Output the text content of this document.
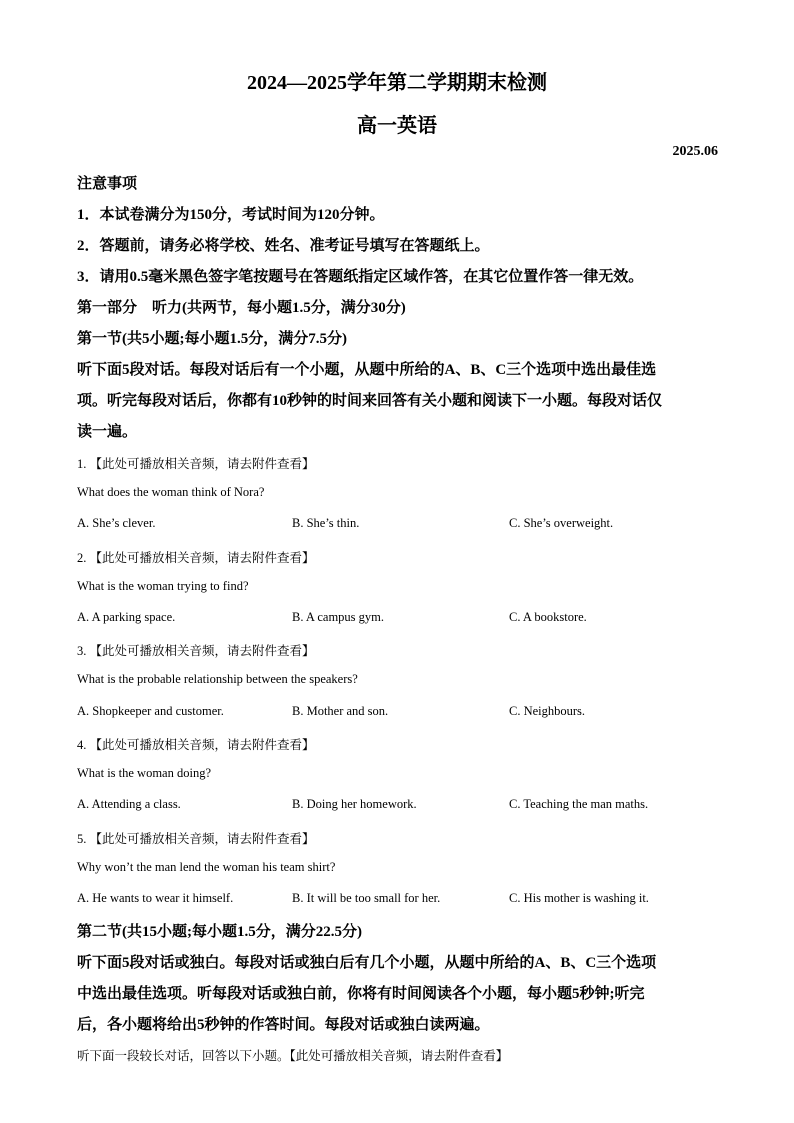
2024—2025学年第二学期期末检测
高一英语
2025.06
注意事项
1．本试卷满分为150分，考试时间为120分钟。
2．答题前，请务必将学校、姓名、准考证号填写在答题纸上。
3．请用0.5毫米黑色签字笔按题号在答题纸指定区域作答，在其它位置作答一律无效。
第一部分　听力(共两节，每小题1.5分，满分30分)
第一节(共5小题;每小题1.5分，满分7.5分)
听下面5段对话。每段对话后有一个小题，从题中所给的A、B、C三个选项中选出最佳选
项。听完每段对话后，你都有10秒钟的时间来回答有关小题和阅读下一小题。每段对话仅
读一遍。
1. 【此处可播放相关音频，请去附件查看】
What does the woman think of Nora?
A. She’s clever.	B. She’s thin.	C. She’s overweight.
2. 【此处可播放相关音频，请去附件查看】
What is the woman trying to find?
A. A parking space.	B. A campus gym.	C. A bookstore.
3. 【此处可播放相关音频，请去附件查看】
What is the probable relationship between the speakers?
A. Shopkeeper and customer.	B. Mother and son.	C. Neighbours.
4. 【此处可播放相关音频，请去附件查看】
What is the woman doing?
A. Attending a class.	B. Doing her homework.	C. Teaching the man maths.
5. 【此处可播放相关音频，请去附件查看】
Why won’t the man lend the woman his team shirt?
A. He wants to wear it himself.	B. It will be too small for her.	C. His mother is washing it.
第二节(共15小题;每小题1.5分，满分22.5分)
听下面5段对话或独白。每段对话或独白后有几个小题，从题中所给的A、B、C三个选项
中选出最佳选项。听每段对话或独白前，你将有时间阅读各个小题，每小题5秒钟;听完
后，各小题将给出5秒钟的作答时间。每段对话或独白读两遍。
听下面一段较长对话，回答以下小题。【此处可播放相关音频，请去附件查看】
